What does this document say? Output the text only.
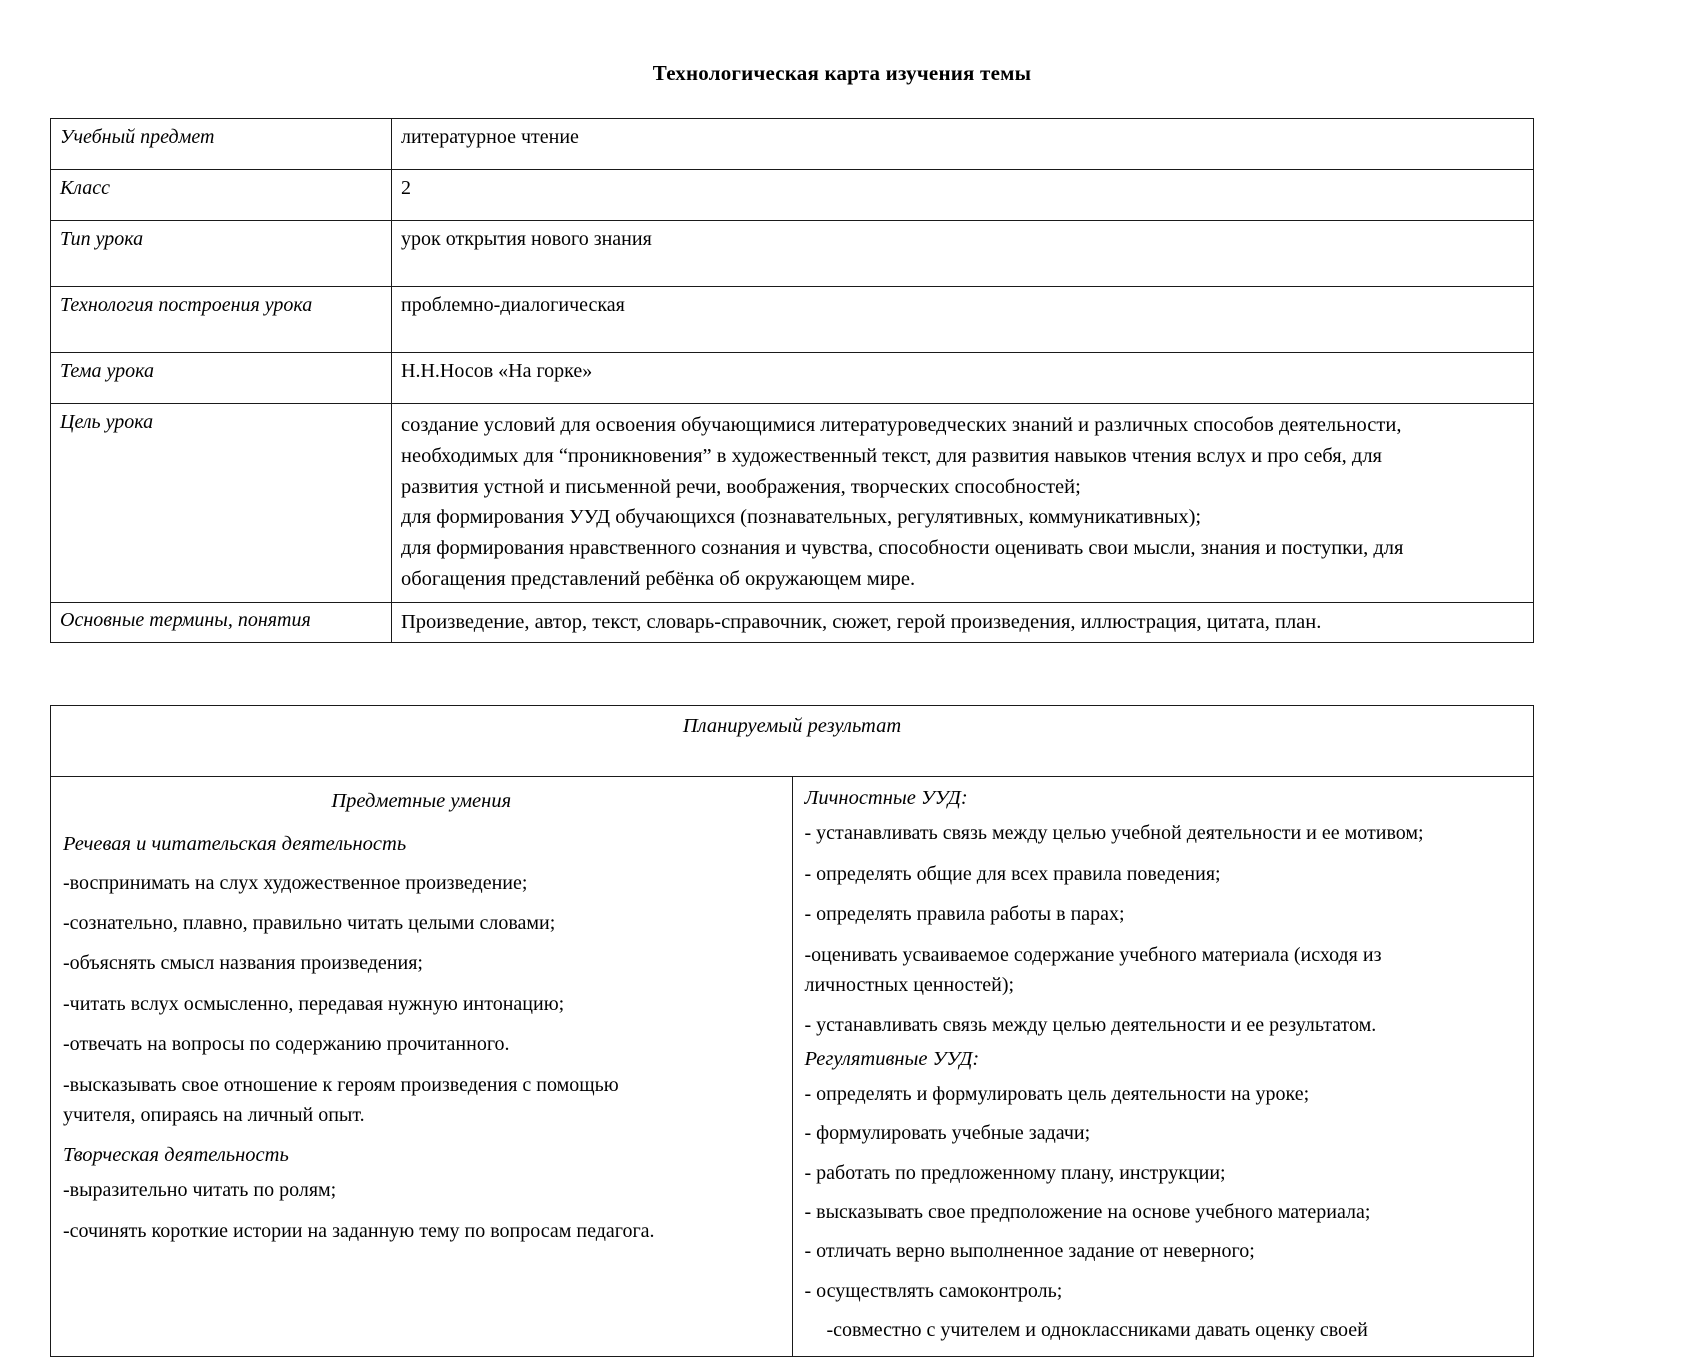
Технологическая карта изучения темы
Учебный предмет	литературное чтение
Класс	2
Тип урока	урок открытия нового знания
Технология построения урока	проблемно-диалогическая
Тема урока	Н.Н.Носов «На горке»
Цель урока	создание условий для освоения обучающимися литературоведческих знаний и различных способов деятельности,

необходимых для “проникновения” в художественный текст, для развития навыков чтения вслух и про себя, для

развития устной и письменной речи, воображения, творческих способностей;

для формирования УУД обучающихся (познавательных, регулятивных, коммуникативных);

для формирования нравственного сознания и чувства, способности оценивать свои мысли, знания и поступки, для

обогащения представлений ребёнка об окружающем мире.

Основные термины, понятия	Произведение, автор, текст, словарь-справочник, сюжет, герой произведения, иллюстрация, цитата, план.
Планируемый результат

Предметные умения
Речевая и читательская деятельность
-воспринимать на слух художественное произведение;
-сознательно, плавно, правильно читать целыми словами;
-объяснять смысл названия произведения;
-читать вслух осмысленно, передавая нужную интонацию;
-отвечать на вопросы по содержанию прочитанного.
-высказывать свое отношение к героям произведения с помощью
учителя, опираясь на личный опыт.
Творческая деятельность
-выразительно читать по ролям;
-сочинять короткие истории на заданную тему по вопросам педагога.

Личностные УУД:
- устанавливать связь между целью учебной деятельности и ее мотивом;
- определять общие для всех правила поведения;
- определять правила работы в парах;
-оценивать усваиваемое содержание учебного материала (исходя из
личностных ценностей);
- устанавливать связь между целью деятельности и ее результатом.
Регулятивные УУД:
- определять и формулировать цель деятельности на уроке;
- формулировать учебные задачи;
- работать по предложенному плану, инструкции;
- высказывать свое предположение на основе учебного материала;
- отличать верно выполненное задание от неверного;
- осуществлять самоконтроль;
-совместно с учителем и одноклассниками давать оценку своей
